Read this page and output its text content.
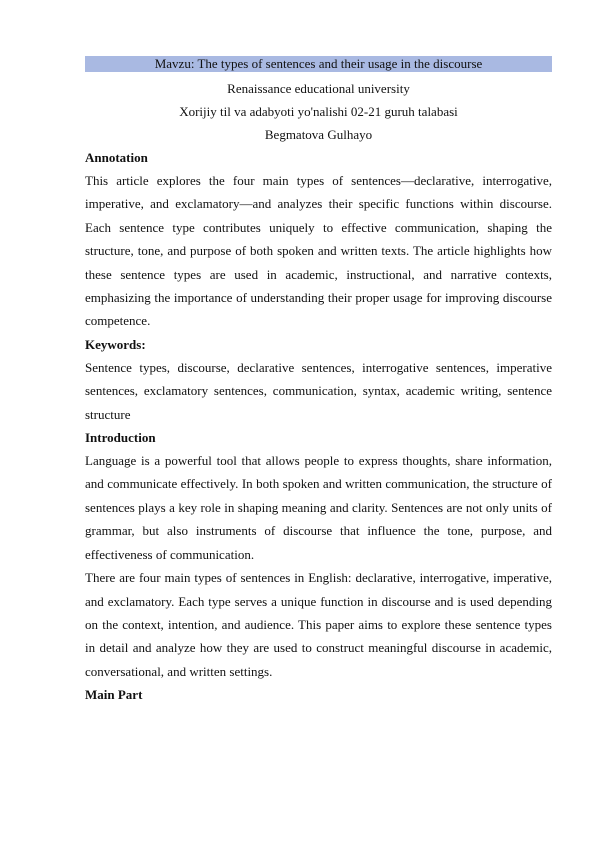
Mavzu: The types of sentences and their usage in the discourse
Renaissance educational university
Xorijiy til va adabyoti yo'nalishi 02-21 guruh talabasi
Begmatova Gulhayo
Annotation

This article explores the four main types of sentences—declarative, interrogative, imperative, and exclamatory—and analyzes their specific functions within discourse. Each sentence type contributes uniquely to effective communication, shaping the structure, tone, and purpose of both spoken and written texts. The article highlights how these sentence types are used in academic, instructional, and narrative contexts, emphasizing the importance of understanding their proper usage for improving discourse competence.

Keywords:

Sentence types, discourse, declarative sentences, interrogative sentences, imperative sentences, exclamatory sentences, communication, syntax, academic writing, sentence structure

Introduction

Language is a powerful tool that allows people to express thoughts, share information, and communicate effectively. In both spoken and written communication, the structure of sentences plays a key role in shaping meaning and clarity. Sentences are not only units of grammar, but also instruments of discourse that influence the tone, purpose, and effectiveness of communication.

There are four main types of sentences in English: declarative, interrogative, imperative, and exclamatory. Each type serves a unique function in discourse and is used depending on the context, intention, and audience. This paper aims to explore these sentence types in detail and analyze how they are used to construct meaningful discourse in academic, conversational, and written settings.

Main Part
